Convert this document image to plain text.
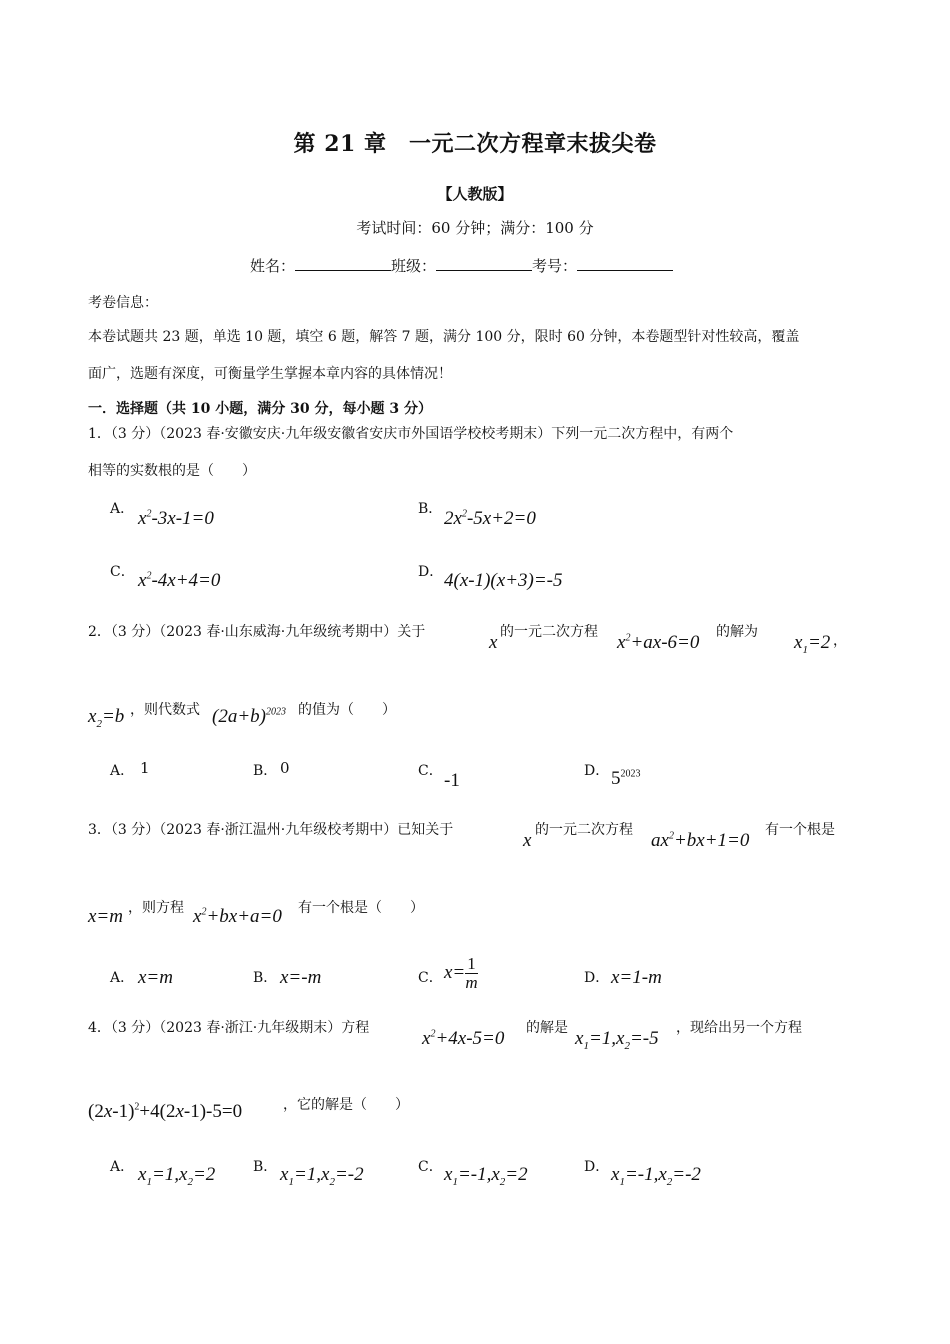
第 21 章　一元二次方程章末拔尖卷
【人教版】
考试时间：60 分钟；满分：100 分
姓名：	班级：	考号：
考卷信息：
本卷试题共 23 题，单选 10 题，填空 6 题，解答 7 题，满分 100 分，限时 60 分钟，本卷题型针对性较高，覆盖
面广，选题有深度，可衡量学生掌握本章内容的具体情况！
一．选择题（共 10 小题，满分 30 分，每小题 3 分）
1．（3 分）（2023 春·安徽安庆·九年级安徽省安庆市外国语学校校考期末）下列一元二次方程中，有两个
相等的实数根的是（　　）
A． $x^2-3x-1=0$	B． $2x^2-5x+2=0$
C． $x^2-4x+4=0$	D． 4(x-1)(x+3)=-5
2．（3 分）（2023 春·山东威海·九年级统考期中）关于	x 的一元二次方程 $x^2+ax-6=0$ 的解为 $x_1=2$ ，
$x_2=b$ ，则代数式 $(2a+b)^{2023}$ 的值为（　　）
A． 1	B． 0	C． -1	D． $5^{2023}$
3．（3 分）（2023 春·浙江温州·九年级校考期中）已知关于	x 的一元二次方程 $ax^2+bx+1=0$ 有一个根是
x=m ，则方程 $x^2+bx+a=0$ 有一个根是（　　）
A． x=m	B． x=-m	C． $x= \frac{1}{m}$	D． x=1-m
4．（3 分）（2023 春·浙江·九年级期末）方程	$x^2+4x-5=0$ 的解是 $x_1=1,x_2=-5$ ，现给出另一个方程
$(2x-1)^2+4(2x-1)-5=0$	，它的解是（　　）
A． $x_1=1,x_2=2$	B． $x_1=1,x_2=-2$	C． $x_1=-1,x_2=2$	D． $x_1=-1,x_2=-2$
